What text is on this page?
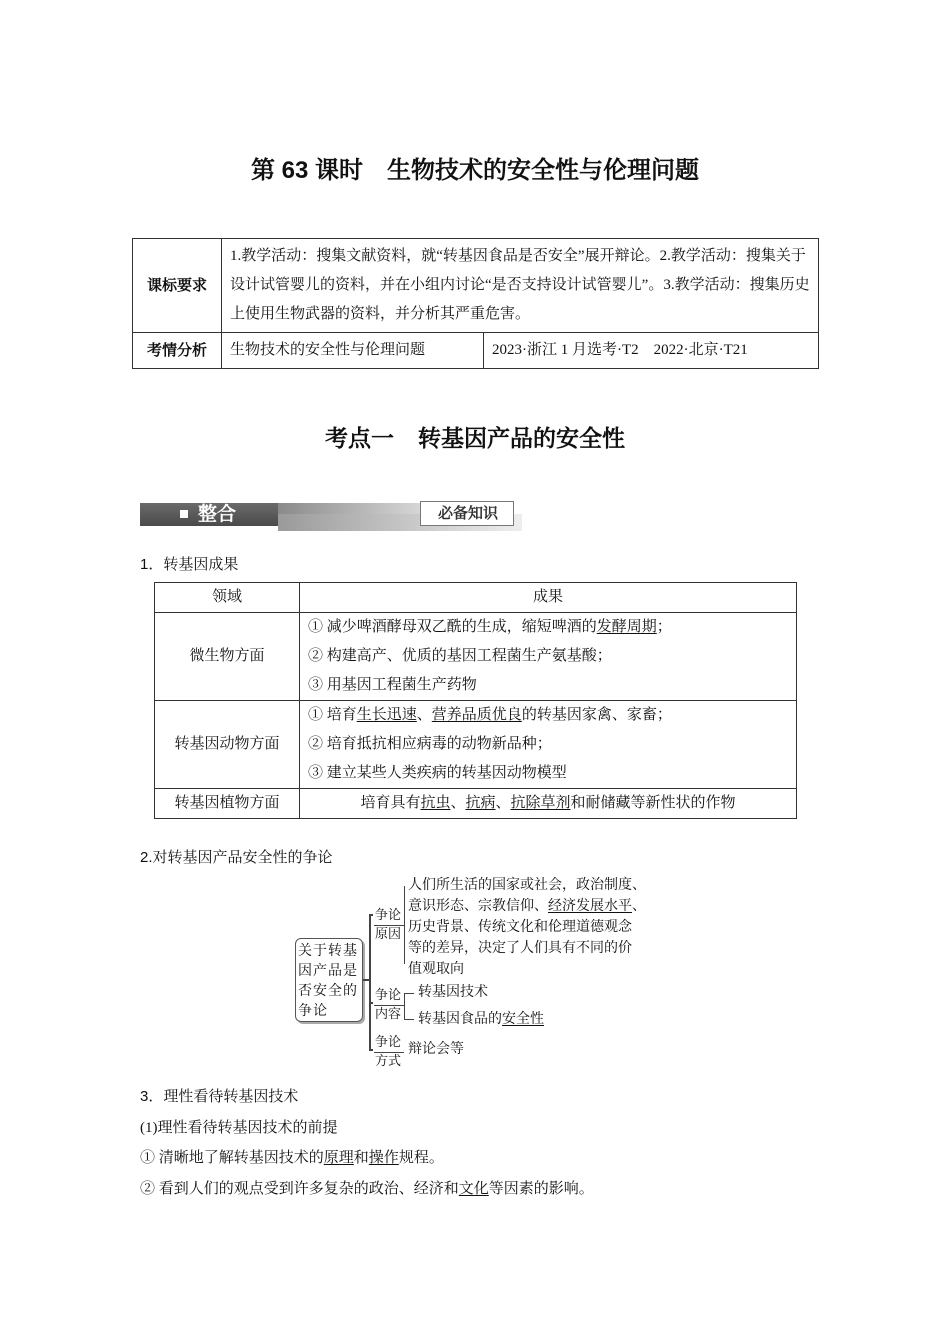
第 63 课时 生物技术的安全性与伦理问题
课标要求	1.教学活动：搜集文献资料，就“转基因食品是否安全”展开辩论。2.教学活动：搜集关于设计试管婴儿的资料，并在小组内讨论“是否支持设计试管婴儿”。3.教学活动：搜集历史上使用生物武器的资料，并分析其严重危害。	
考情分析	生物技术的安全性与伦理问题	2023·浙江 1 月选考·T2　2022·北京·T21
考点一 转基因产品的安全性
整合	必备知识
1．转基因成果
领域	成果
微生物方面	① 减少啤酒酵母双乙酰的生成，缩短啤酒的发酵周期；
② 构建高产、优质的基因工程菌生产氨基酸；
③ 用基因工程菌生产药物

转基因动物方面	① 培育生长迅速、营养品质优良的转基因家禽、家畜；
② 培育抵抗相应病毒的动物新品种；
③ 建立某些人类疾病的转基因动物模型

转基因植物方面	培育具有抗虫、抗病、抗除草剂和耐储藏等新性状的作物
2.对转基因产品安全性的争论
关于转基因产品是否安全的争论
争论
原因
人们所生活的国家或社会，政治制度、
意识形态、宗教信仰、经济发展水平、
历史背景、传统文化和伦理道德观念
等的差异，决定了人们具有不同的价
值观取向
争论
内容
转基因技术
转基因食品的安全性
争论
方式
辩论会等
3．理性看待转基因技术
(1)理性看待转基因技术的前提
① 清晰地了解转基因技术的原理和操作规程。
② 看到人们的观点受到许多复杂的政治、经济和文化等因素的影响。
